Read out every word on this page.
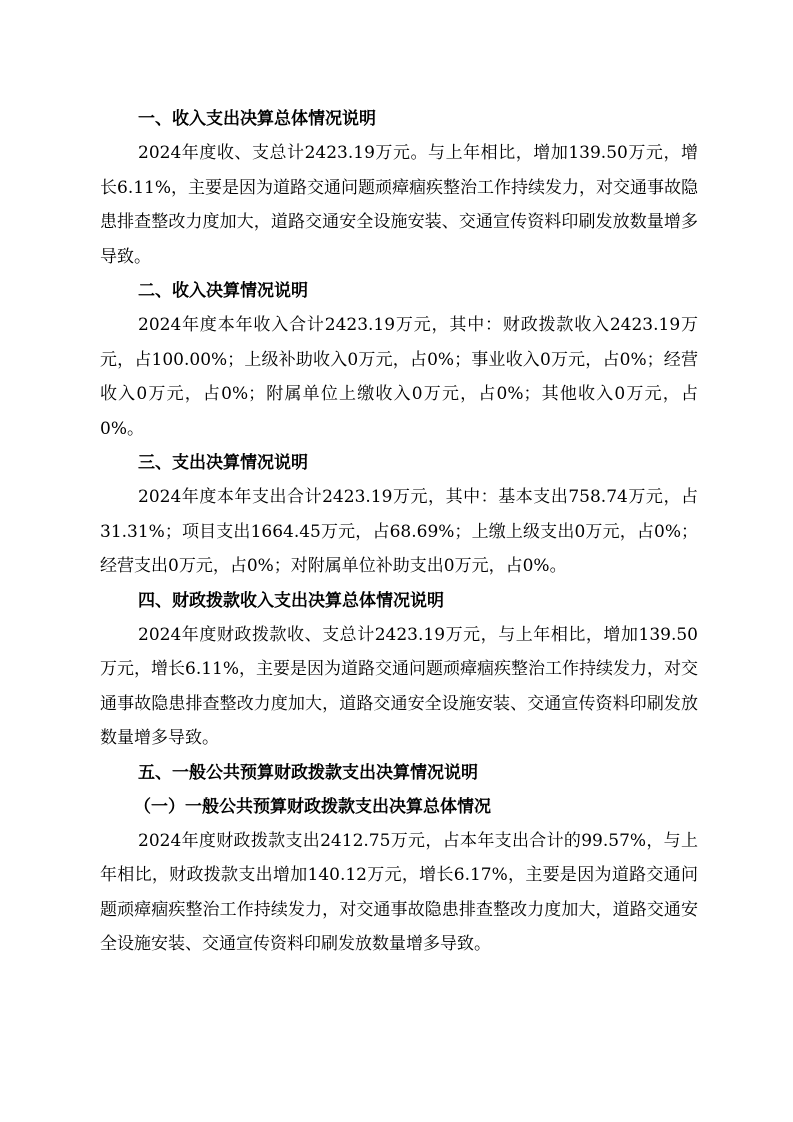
一、收入支出决算总体情况说明

2024年度收、支总计2423.19万元。与上年相比，增加139.50万元，增长6.11%，主要是因为道路交通问题顽瘴痼疾整治工作持续发力，对交通事故隐患排查整改力度加大，道路交通安全设施安装、交通宣传资料印刷发放数量增多导致。

二、收入决算情况说明

2024年度本年收入合计2423.19万元，其中：财政拨款收入2423.19万元，占100.00%；上级补助收入0万元，占0%；事业收入0万元，占0%；经营收入0万元，占0%；附属单位上缴收入0万元，占0%；其他收入0万元，占0%。

三、支出决算情况说明

2024年度本年支出合计2423.19万元，其中：基本支出758.74万元，占31.31%；项目支出1664.45万元，占68.69%；上缴上级支出0万元，占0%；经营支出0万元，占0%；对附属单位补助支出0万元，占0%。

四、财政拨款收入支出决算总体情况说明

2024年度财政拨款收、支总计2423.19万元，与上年相比，增加139.50万元，增长6.11%，主要是因为道路交通问题顽瘴痼疾整治工作持续发力，对交通事故隐患排查整改力度加大，道路交通安全设施安装、交通宣传资料印刷发放数量增多导致。

五、一般公共预算财政拨款支出决算情况说明
（一）一般公共预算财政拨款支出决算总体情况

2024年度财政拨款支出2412.75万元，占本年支出合计的99.57%，与上年相比，财政拨款支出增加140.12万元，增长6.17%，主要是因为道路交通问题顽瘴痼疾整治工作持续发力，对交通事故隐患排查整改力度加大，道路交通安全设施安装、交通宣传资料印刷发放数量增多导致。
